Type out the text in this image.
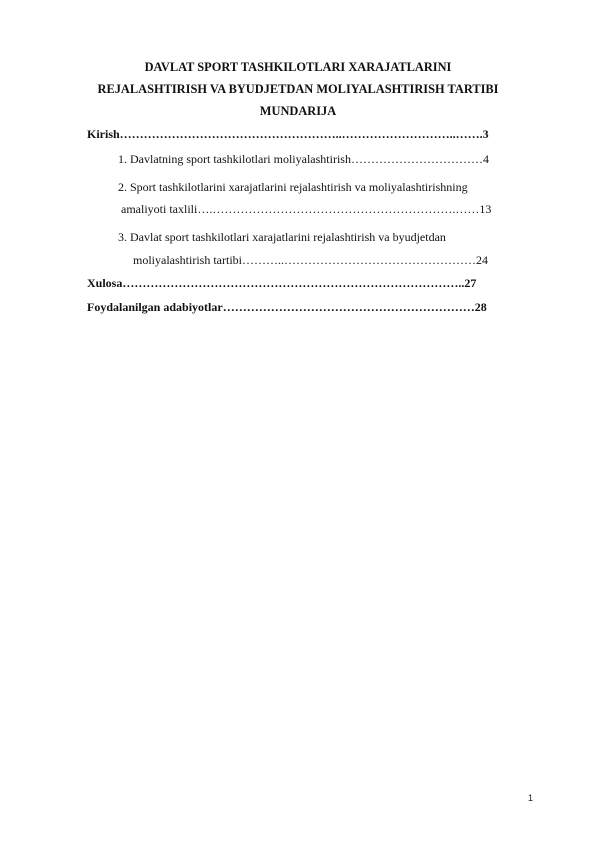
DAVLAT SPORT TASHKILOTLARI XARAJATLARINI
REJALASHTIRISH VA BYUDJETDAN MOLIYALASHTIRISH TARTIBI
MUNDARIJA
Kirish………………………………………………..………………………..…….3
1. Davlatning sport tashkilotlari moliyalashtirish……………………………4
2. Sport tashkilotlarini xarajatlarini rejalashtirish va moliyalashtirishning
amaliyoti taxlili….…………………………………………………….……13
3. Davlat sport tashkilotlari xarajatlarini rejalashtirish va byudjetdan
moliyalashtirish tartibi………..…………………………………………24
Xulosa…………………………………………………………………………..27
Foydalanilgan adabiyotlar………………………………………………………28
1
